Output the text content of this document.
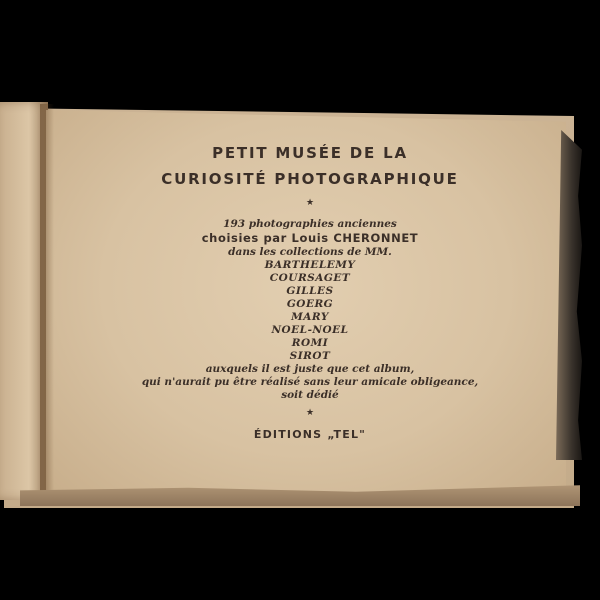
PETIT MUSÉE DE LA
CURIOSITÉ PHOTOGRAPHIQUE
★
193 photographies anciennes
choisies par Louis CHERONNET
dans les collections de MM.
BARTHELEMY
COURSAGET
GILLES
GOERG
MARY
NOEL-NOEL
ROMI
SIROT
auxquels il est juste que cet album,
qui n'aurait pu être réalisé sans leur amicale obligeance,
soit dédié
★
ÉDITIONS „TEL"
